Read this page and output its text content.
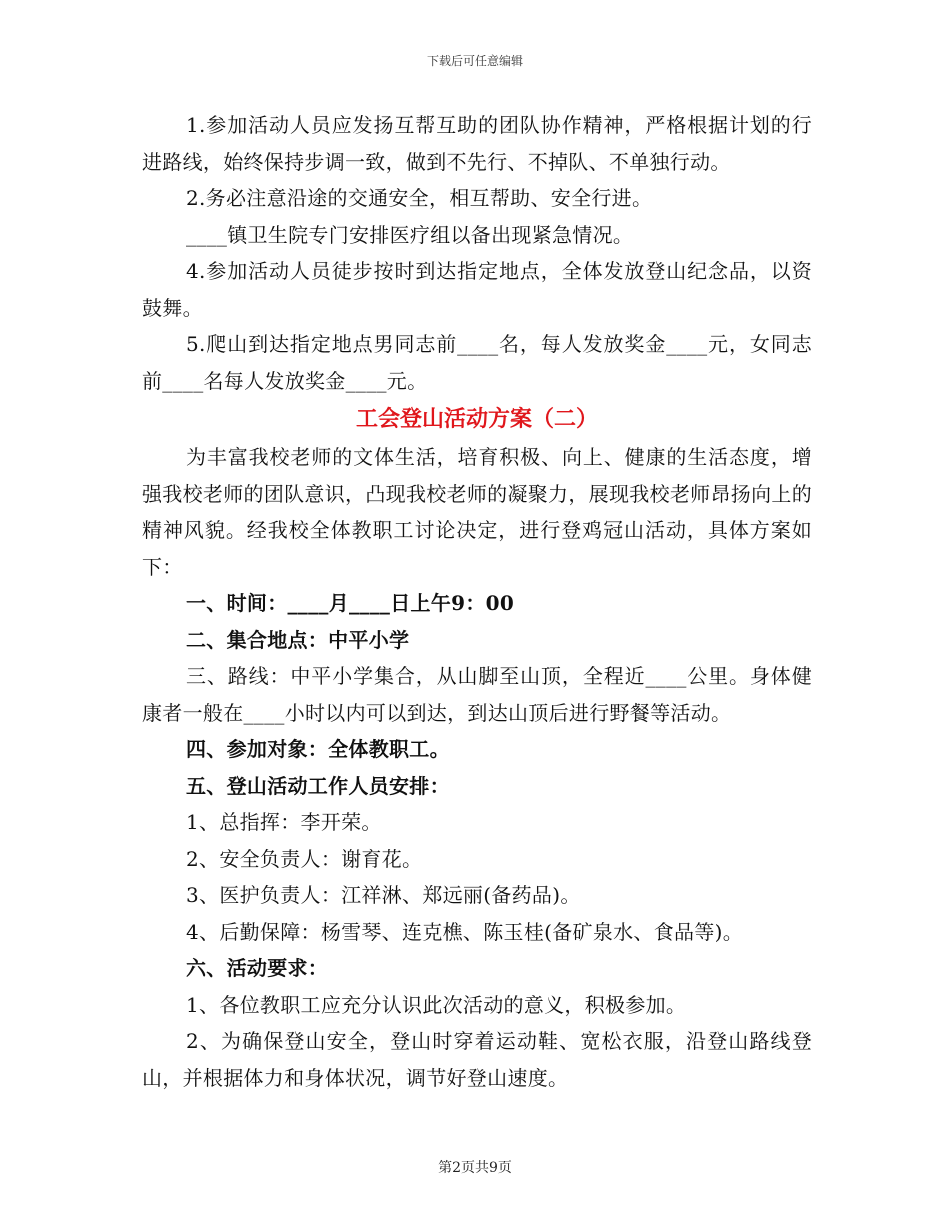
下载后可任意编辑

1.参加活动人员应发扬互帮互助的团队协作精神，严格根据计划的行进路线，始终保持步调一致，做到不先行、不掉队、不单独行动。

2.务必注意沿途的交通安全，相互帮助、安全行进。

____镇卫生院专门安排医疗组以备出现紧急情况。

4.参加活动人员徒步按时到达指定地点，全体发放登山纪念品，以资鼓舞。

5.爬山到达指定地点男同志前____名，每人发放奖金____元，女同志前____名每人发放奖金____元。

工会登山活动方案（二）

为丰富我校老师的文体生活，培育积极、向上、健康的生活态度，增强我校老师的团队意识，凸现我校老师的凝聚力，展现我校老师昂扬向上的精神风貌。经我校全体教职工讨论决定，进行登鸡冠山活动，具体方案如下：

一、时间：____月____日上午9：00

二、集合地点：中平小学

三、路线：中平小学集合，从山脚至山顶，全程近____公里。身体健康者一般在____小时以内可以到达，到达山顶后进行野餐等活动。

四、参加对象：全体教职工。

五、登山活动工作人员安排：

1、总指挥：李开荣。

2、安全负责人：谢育花。

3、医护负责人：江祥淋、郑远丽(备药品)。

4、后勤保障：杨雪琴、连克樵、陈玉桂(备矿泉水、食品等)。

六、活动要求：

1、各位教职工应充分认识此次活动的意义，积极参加。

2、为确保登山安全，登山时穿着运动鞋、宽松衣服，沿登山路线登山，并根据体力和身体状况，调节好登山速度。

第2页共9页
